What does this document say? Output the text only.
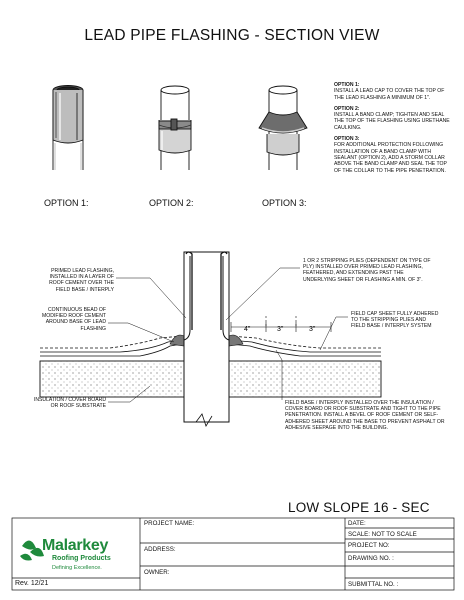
LEAD PIPE FLASHING - SECTION VIEW
OPTION 1:	OPTION 2:	OPTION 3:

OPTION 1:
INSTALL A LEAD CAP TO COVER THE TOP OF THE LEAD FLASHING A MINIMUM OF 1".

OPTION 2:
INSTALL A BAND CLAMP; TIGHTEN AND SEAL THE TOP OF THE FLASHING USING URETHANE CAULKING.

OPTION 3:
FOR ADDITIONAL PROTECTION FOLLOWING INSTALLATION OF A BAND CLAMP WITH SEALANT (OPTION 2), ADD A STORM COLLAR ABOVE THE BAND CLAMP AND SEAL THE TOP OF THE COLLAR TO THE PIPE PENETRATION.

4"	3"	3"
PRIMED LEAD FLASHING, INSTALLED IN A LAYER OF ROOF CEMENT OVER THE FIELD BASE / INTERPLY
CONTINUOUS BEAD OF MODIFIED ROOF CEMENT AROUND BASE OF LEAD FLASHING
INSULATION / COVER BOARD OR ROOF SUBSTRATE
1 OR 2 STRIPPING PLIES (DEPENDENT ON TYPE OF PLY) INSTALLED OVER PRIMED LEAD FLASHING, FEATHERED, AND EXTENDING PAST THE UNDERLYING SHEET OR FLASHING A MIN. OF 3".
FIELD CAP SHEET FULLY ADHERED TO THE STRIPPING PLIES AND FIELD BASE / INTERPLY SYSTEM
FIELD BASE / INTERPLY INSTALLED OVER THE INSULATION / COVER BOARD OR ROOF SUBSTRATE AND TIGHT TO THE PIPE PENETRATION. INSTALL A BEVEL OF ROOF CEMENT OR SELF-ADHERED SHEET AROUND THE BASE TO PREVENT ASPHALT OR ADHESIVE SEEPAGE INTO THE BUILDING.
LOW SLOPE 16 - SEC
PROJECT NAME:
ADDRESS:
OWNER:
DATE:
SCALE: NOT TO SCALE
PROJECT NO:
DRAWING NO. :
SUBMITTAL NO. :
Rev. 12/21
Malarkey
Roofing Products
Defining Excellence.
